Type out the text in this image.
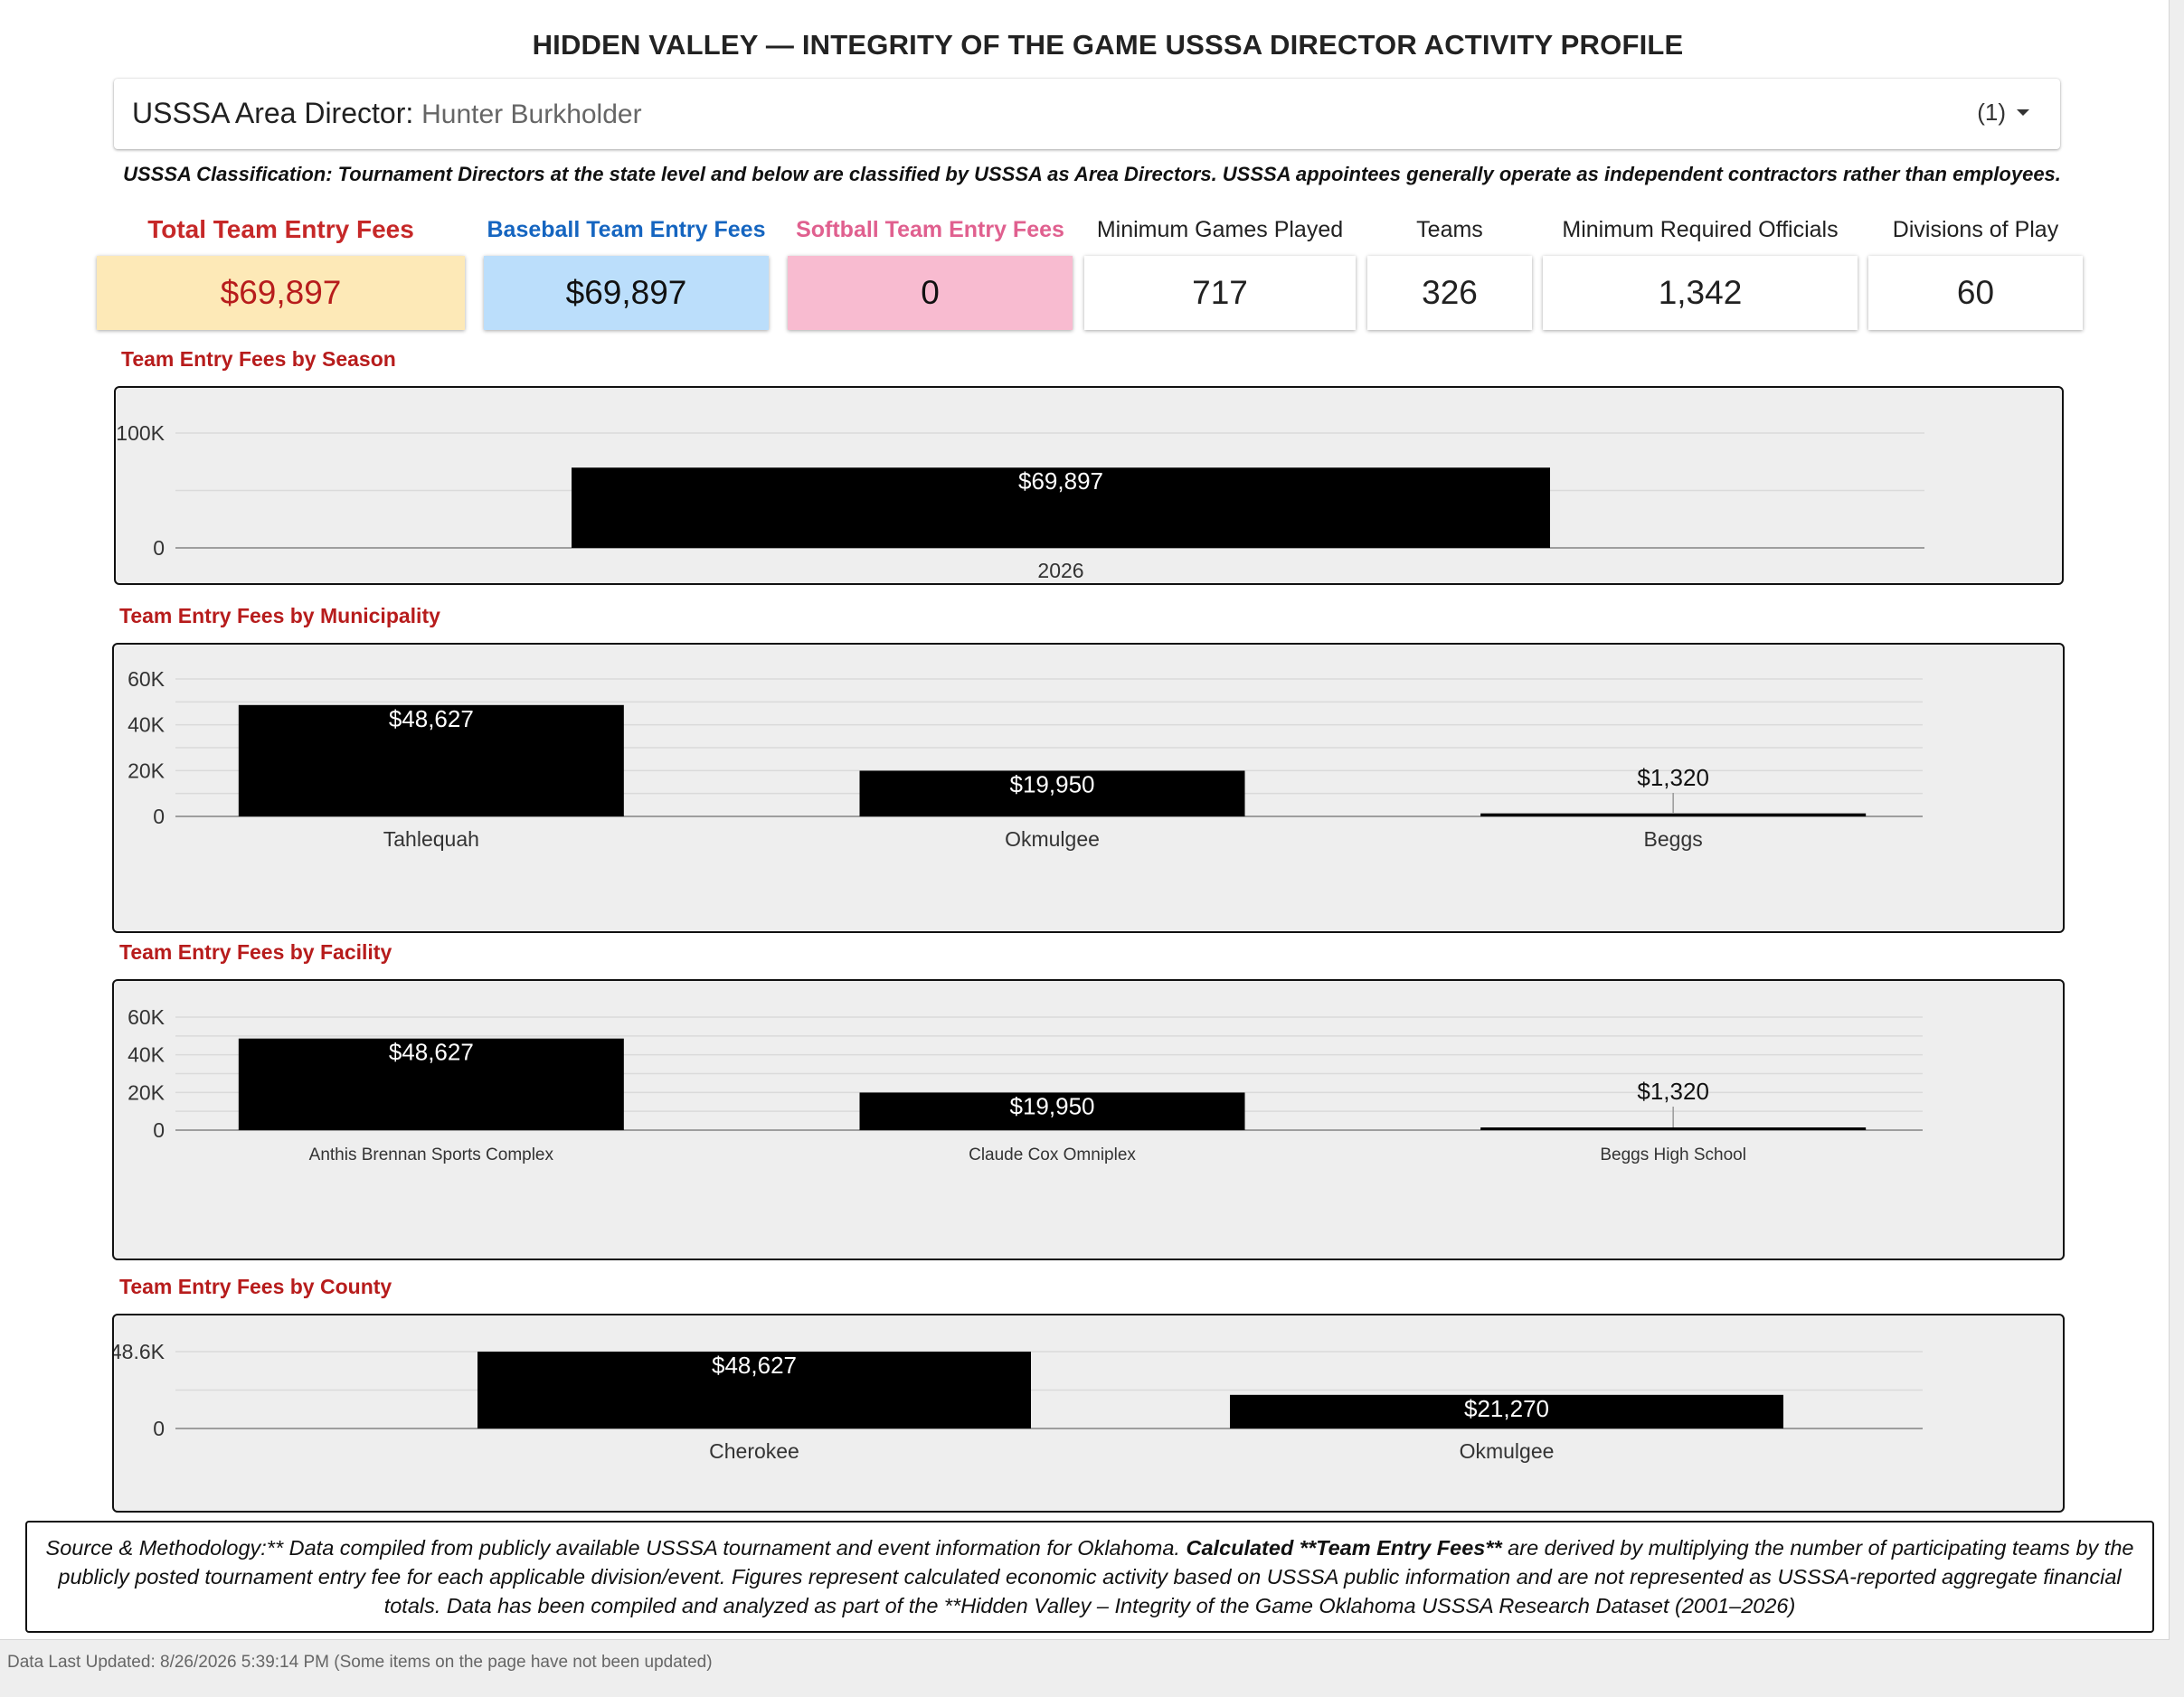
HIDDEN VALLEY — INTEGRITY OF THE GAME USSSA DIRECTOR ACTIVITY PROFILE
USSSA Area Director: Hunter Burkholder	(1)
USSSA Classification: Tournament Directors at the state level and below are classified by USSSA as Area Directors. USSSA appointees generally operate as independent contractors rather than employees.
Total Team Entry Fees
$69,897
Baseball Team Entry Fees
$69,897
Softball Team Entry Fees
0
Minimum Games Played
717
Teams
326
Minimum Required Officials
1,342
Divisions of Play
60
Team Entry Fees by Season
Team Entry Fees by Municipality
Team Entry Fees by Facility
Team Entry Fees by County
100K
0
$69,897
2026
60K
40K
20K
0
$48,627
Tahlequah
$19,950
Okmulgee
$1,320
Beggs
60K
40K
20K
0
$48,627
Anthis Brennan Sports Complex
$19,950
Claude Cox Omniplex
$1,320
Beggs High School
48.6K
0
$48,627
Cherokee
$21,270
Okmulgee
Source & Methodology:** Data compiled from publicly available USSSA tournament and event information for Oklahoma. Calculated **Team Entry Fees** are derived by multiplying the number of participating teams by the publicly posted tournament entry fee for each applicable division/event. Figures represent calculated economic activity based on USSSA public information and are not represented as USSSA-reported aggregate financial totals. Data has been compiled and analyzed as part of the **Hidden Valley – Integrity of the Game Oklahoma USSSA Research Dataset (2001–2026)
Data Last Updated: 8/26/2026 5:39:14 PM (Some items on the page have not been updated)
